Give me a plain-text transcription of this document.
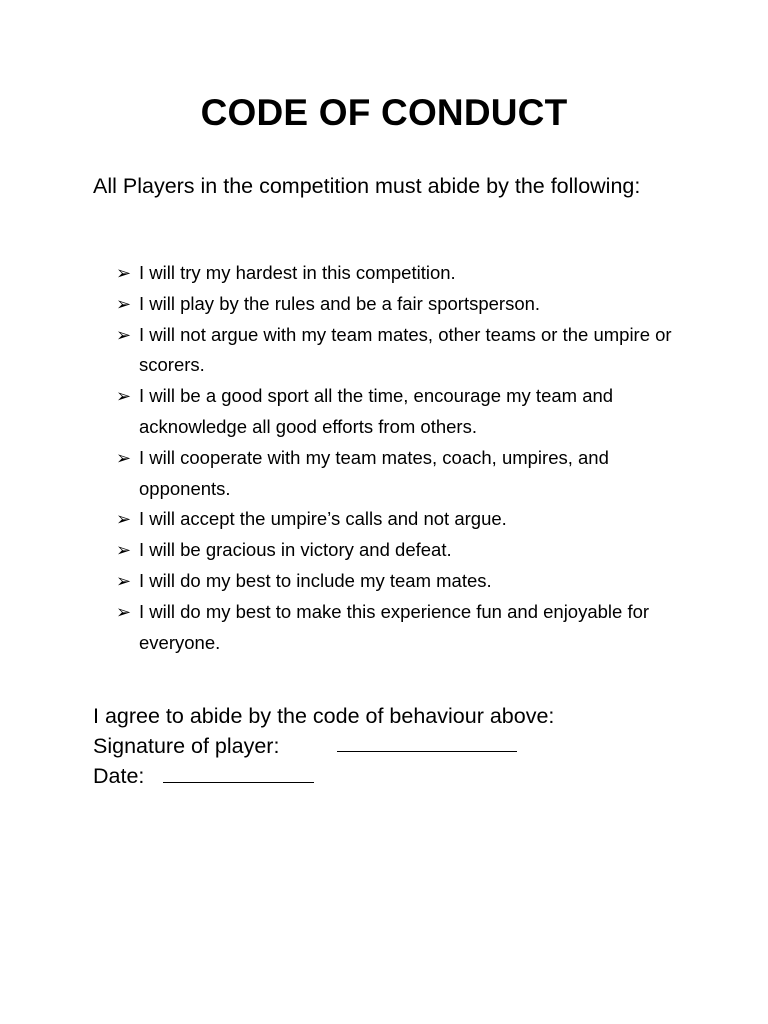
CODE OF CONDUCT

All Players in the competition must abide by the following:

➢ I will try my hardest in this competition.
➢ I will play by the rules and be a fair sportsperson.
➢ I will not argue with my team mates, other teams or the umpire or scorers.
➢ I will be a good sport all the time, encourage my team and acknowledge all good efforts from others.
➢ I will cooperate with my team mates, coach, umpires, and opponents.
➢ I will accept the umpire’s calls and not argue.
➢ I will be gracious in victory and defeat.
➢ I will do my best to include my team mates.
➢ I will do my best to make this experience fun and enjoyable for everyone.

I agree to abide by the code of behaviour above:

Signature of player:
Date:
